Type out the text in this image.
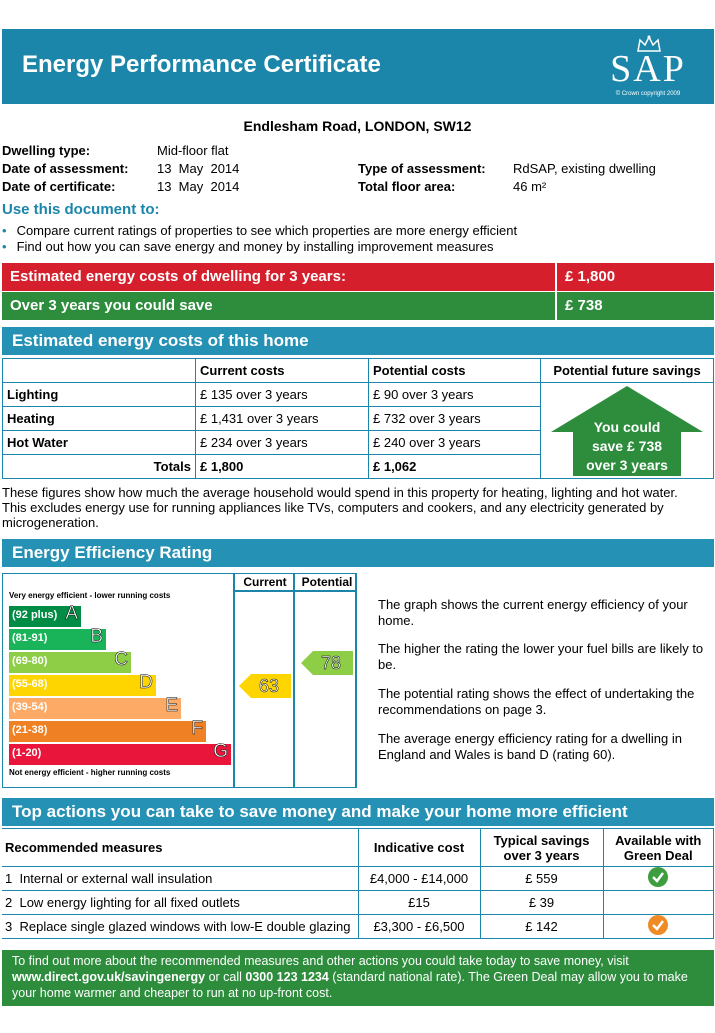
Energy Performance Certificate	SAP
© Crown copyright 2009
Endlesham Road, LONDON, SW12
Dwelling type:	Mid-floor flat
Date of assessment: 13  May  2014
Date of certificate:	13  May  2014
Type of assessment: RdSAP, existing dwelling
Total floor area:	46 m²
Use this document to:
• Compare current ratings of properties to see which properties are more energy efficient
• Find out how you can save energy and money by installing improvement measures
Estimated energy costs of dwelling for 3 years:	£ 1,800
Over 3 years you could save	£ 738
Estimated energy costs of this home
	Current costs	Potential costs	Potential future savings
Lighting	£ 135 over 3 years	£ 90 over 3 years	
Heating	£ 1,431 over 3 years	£ 732 over 3 years	
Hot Water	£ 234 over 3 years	£ 240 over 3 years	
Totals	£ 1,800	£ 1,062	
You could
save £ 738
over 3 years
These figures show how much the average household would spend in this property for heating, lighting and hot water. This excludes energy use for running appliances like TVs, computers and cookers, and any electricity generated by microgeneration.
Energy Efficiency Rating
Current	Potential
Very energy efficient - lower running costs
(92 plus) A
(81-91) B
(69-80)	C
(55-68)	D
(39-54)	E
(21-38)	F
(1-20)	G
Not energy efficient - higher running costs
63
78
The graph shows the current energy efficiency of your home.
The higher the rating the lower your fuel bills are likely to be.
The potential rating shows the effect of undertaking the recommendations on page 3.
The average energy efficiency rating for a dwelling in England and Wales is band D (rating 60).
Top actions you can take to save money and make your home more efficient
Recommended measures	Indicative cost	Typical savings over 3 years	Available with Green Deal
1 Internal or external wall insulation	£4,000 - £14,000	£ 559	
2 Low energy lighting for all fixed outlets	£15	£ 39	
3 Replace single glazed windows with low-E double glazing	£3,300 - £6,500	£ 142	
To find out more about the recommended measures and other actions you could take today to save money, visit www.direct.gov.uk/savingenergy or call 0300 123 1234 (standard national rate). The Green Deal may allow you to make your home warmer and cheaper to run at no up-front cost.
